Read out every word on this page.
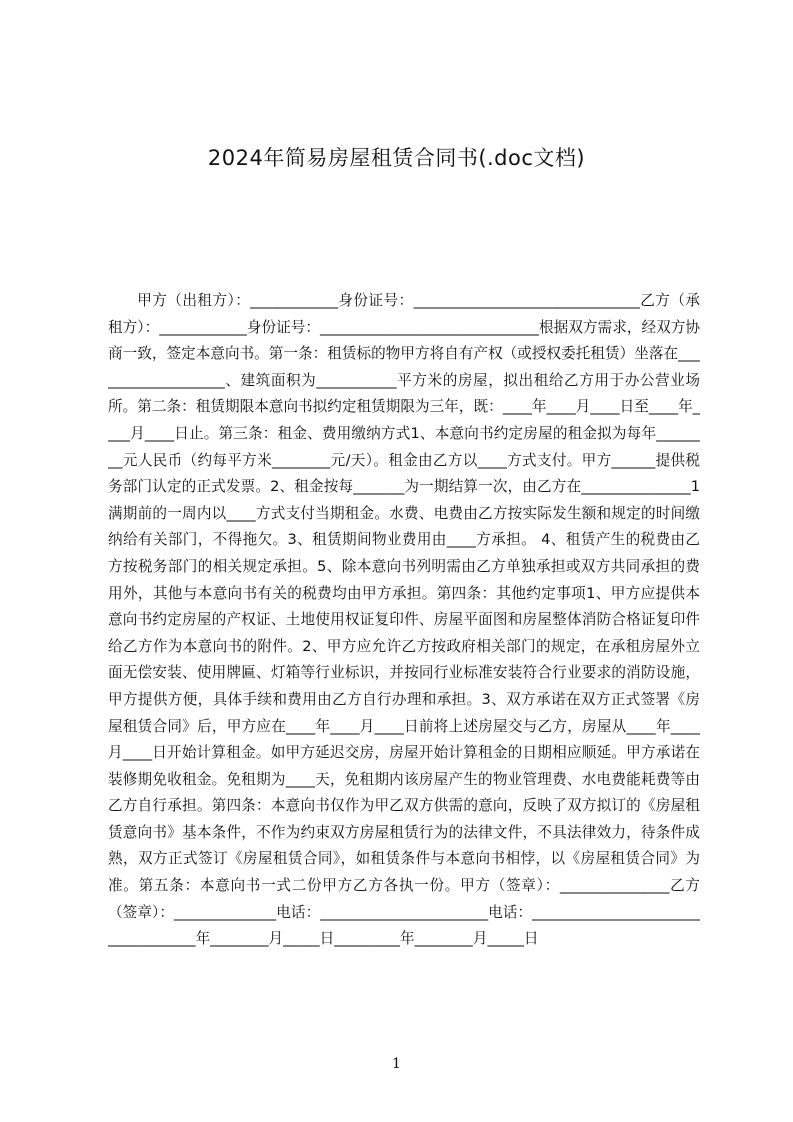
2024年简易房屋租赁合同书(.doc文档)

甲方（出租方）：____________身份证号：_______________________________乙方（承租方）：____________身份证号：______________________________根据双方需求，经双方协商一致，签定本意向书。第一条：租赁标的物甲方将自有产权（或授权委托租赁）坐落在___________________、建筑面积为___________平方米的房屋，拟出租给乙方用于办公营业场所。第二条：租赁期限本意向书拟约定租赁期限为三年，既：____年____月____日至____年____月____日止。第三条：租金、费用缴纳方式1、本意向书约定房屋的租金拟为每年________元人民币（约每平方米________元/天）。租金由乙方以____方式支付。甲方______提供税务部门认定的正式发票。2、租金按每_______为一期结算一次，由乙方在_______________1满期前的一周内以____方式支付当期租金。水费、电费由乙方按实际发生额和规定的时间缴纳给有关部门，不得拖欠。3、租赁期间物业费用由____方承担。 4、租赁产生的税费由乙方按税务部门的相关规定承担。5、除本意向书列明需由乙方单独承担或双方共同承担的费用外，其他与本意向书有关的税费均由甲方承担。第四条：其他约定事项1、甲方应提供本意向书约定房屋的产权证、土地使用权证复印件、房屋平面图和房屋整体消防合格证复印件给乙方作为本意向书的附件。2、甲方应允许乙方按政府相关部门的规定，在承租房屋外立面无偿安装、使用牌匾、灯箱等行业标识，并按同行业标准安装符合行业要求的消防设施，甲方提供方便，具体手续和费用由乙方自行办理和承担。3、双方承诺在双方正式签署《房屋租赁合同》后，甲方应在____年____月____日前将上述房屋交与乙方，房屋从____年____月____日开始计算租金。如甲方延迟交房，房屋开始计算租金的日期相应顺延。甲方承诺在装修期免收租金。免租期为____天，免租期内该房屋产生的物业管理费、水电费能耗费等由乙方自行承担。第四条：本意向书仅作为甲乙双方供需的意向，反映了双方拟订的《房屋租赁意向书》基本条件，不作为约束双方房屋租赁行为的法律文件，不具法律效力，待条件成熟，双方正式签订《房屋租赁合同》，如租赁条件与本意向书相悖，以《房屋租赁合同》为准。第五条：本意向书一式二份甲方乙方各执一份。甲方（签章）：_______________乙方（签章）：______________电话：_______________________电话：___________________________________年________月_____日_________年________月_____日

1
